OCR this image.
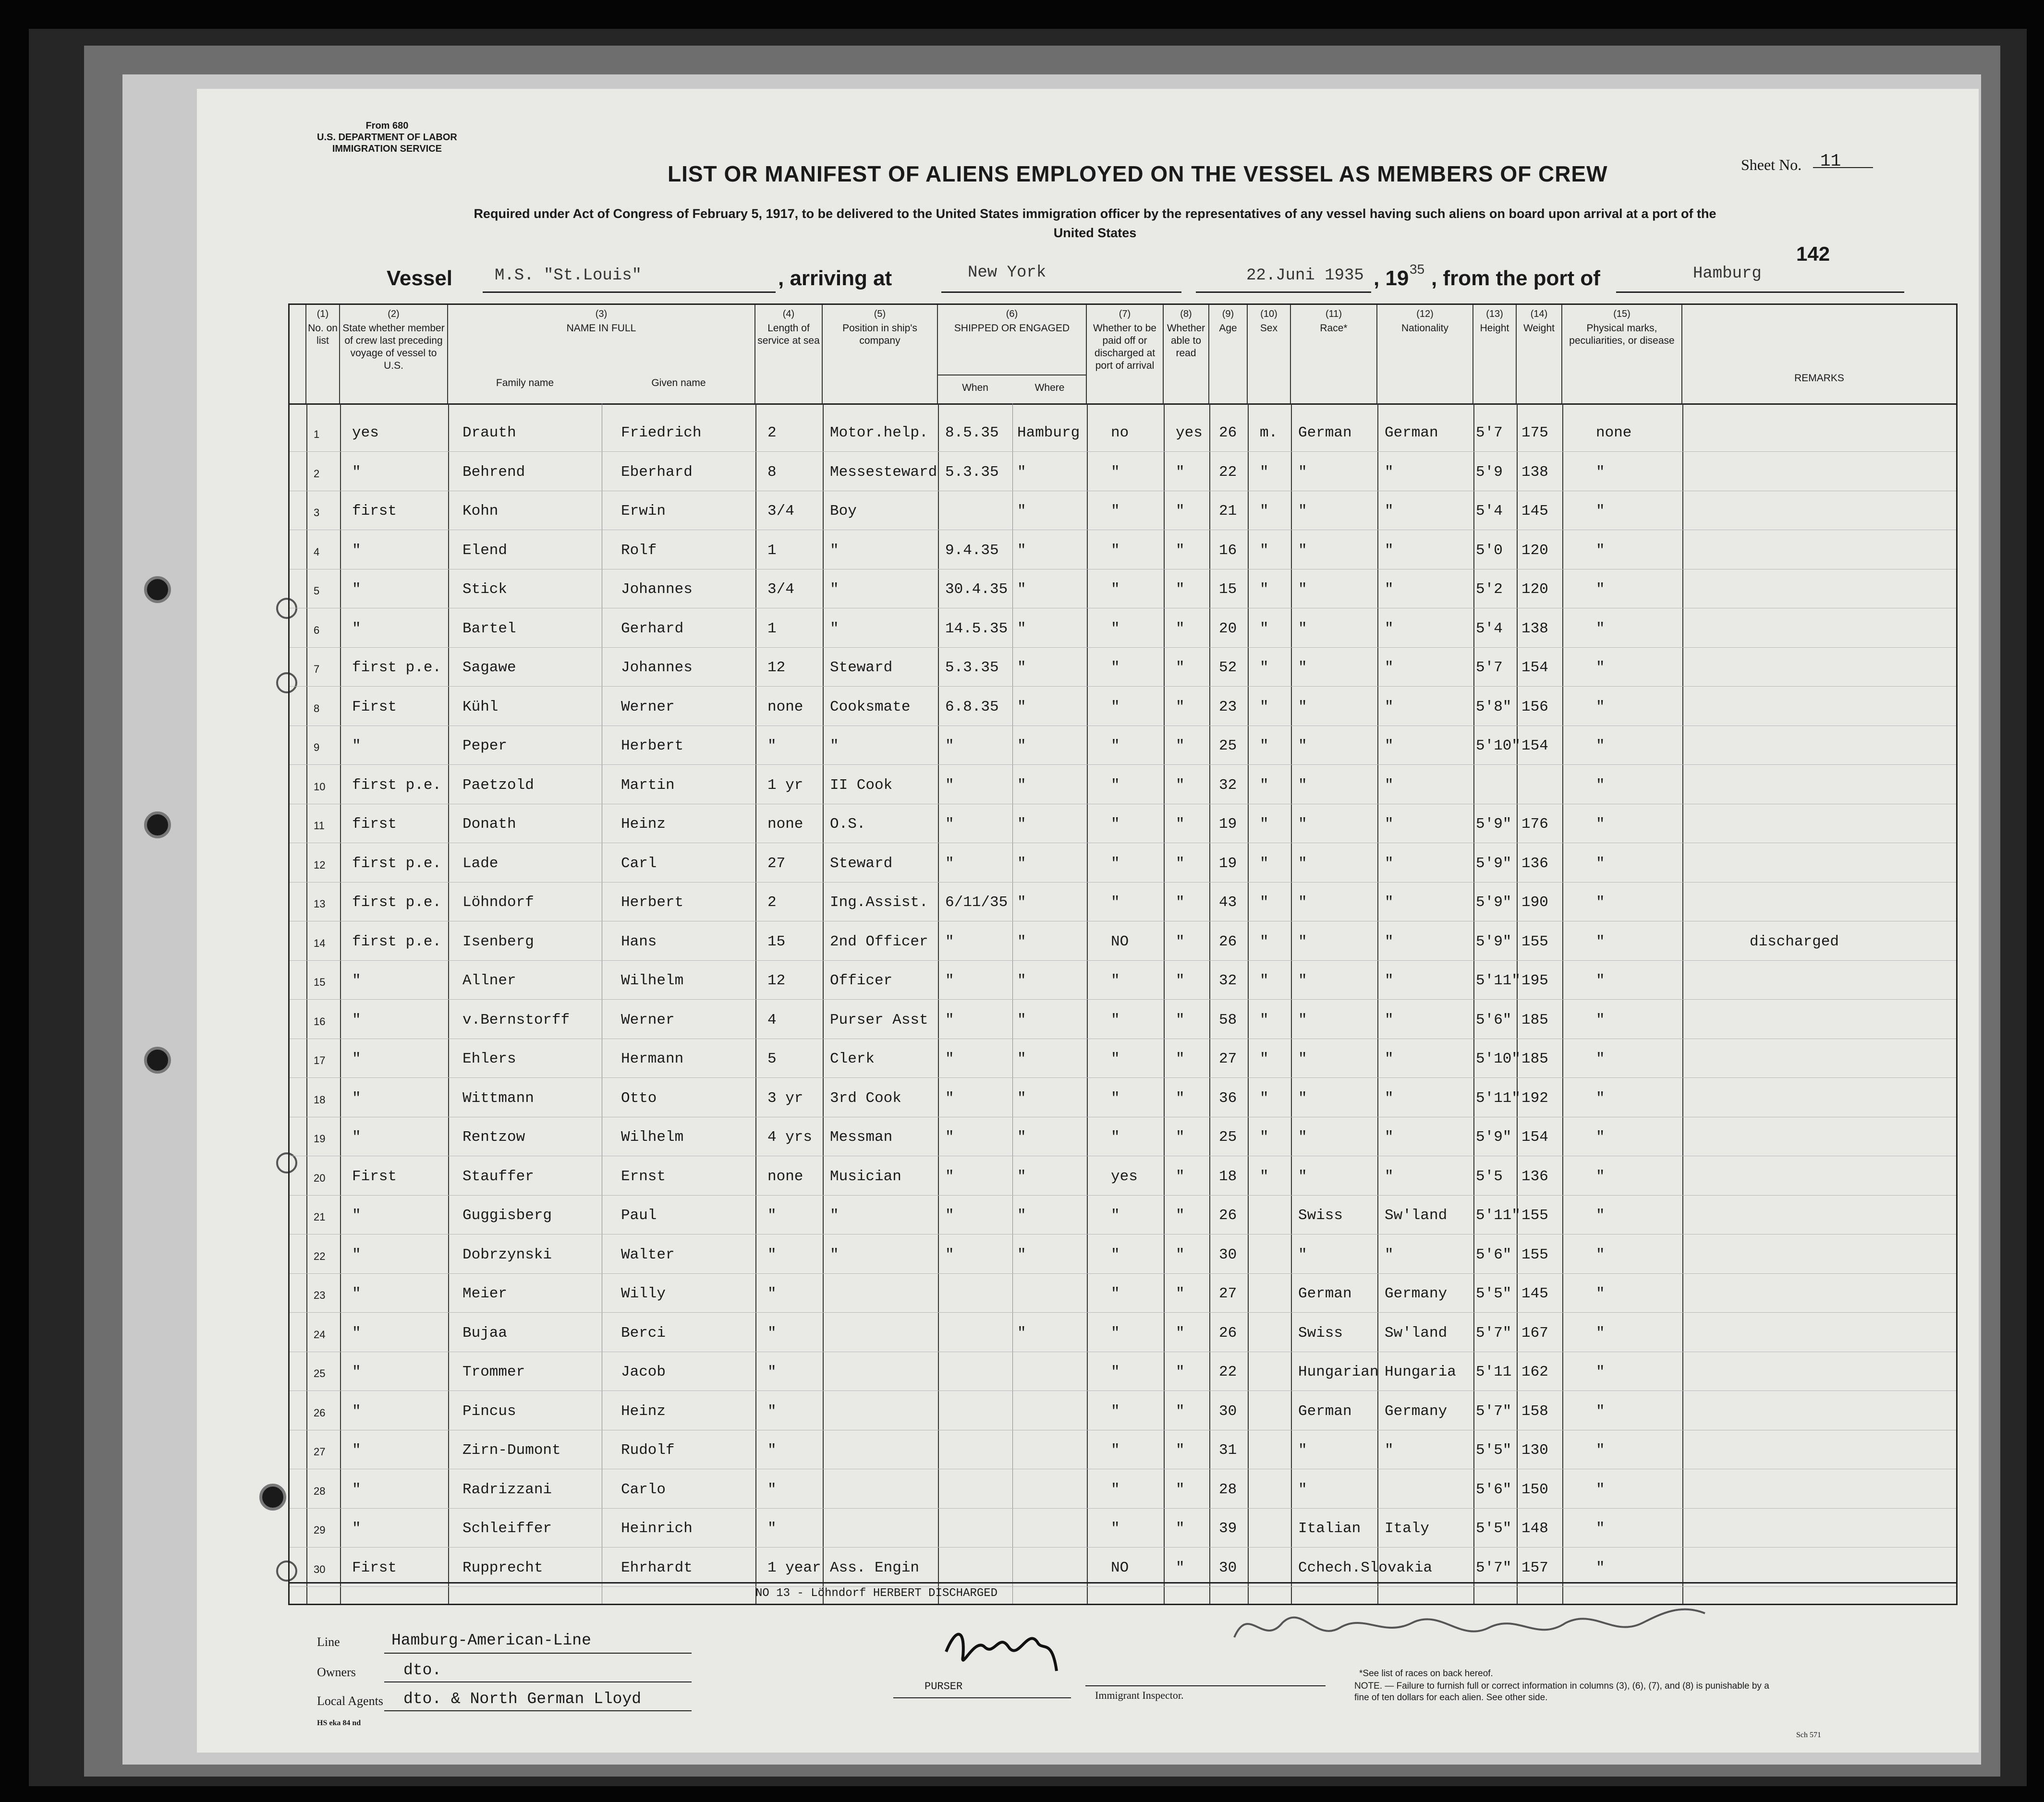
From 680
U.S. DEPARTMENT OF LABOR
IMMIGRATION SERVICE
LIST OR MANIFEST OF ALIENS EMPLOYED ON THE VESSEL AS MEMBERS OF CREW	Sheet No. 11
Required under Act of Congress of February 5, 1917, to be delivered to the United States immigration officer by the representatives of any vessel having such aliens on board upon arrival at a port of the United States
142
Vessel	M.S. "St.Louis"	, arriving at	New York	22.Juni 1935 , 19 35 , from the port of	Hamburg
(1)
No. on list
(2)
State whether member of crew last preceding voyage of vessel to U.S.
(3)
NAME IN FULL
Family name	Given name
(4)
Length of service at sea
(5)
Position in ship's company
(6)
SHIPPED OR ENGAGED
When	Where
(7)
Whether to be paid off or discharged at port of arrival
(8)
Whether able to read
(9)
Age
(10)
Sex
(11)
Race*
(12)
Nationality
(13)
Height
(14)
Weight
(15)
Physical marks, peculiarities, or disease
REMARKS
1 yes	Drauth	Friedrich	2	Motor.help. 8.5.35 Hamburg no	yes 26 m. German German	5'7 175	none
2 "	Behrend	Eberhard	8	Messesteward 5.3.35 "	"	" 22 " "	"	5'9 138	"
3 first	Kohn	Erwin	3/4 Boy	"	"	" 21 " "	"	5'4 145	"
4 "	Elend	Rolf	1	"	9.4.35 "	"	" 16 " "	"	5'0 120	"
5 "	Stick	Johannes	3/4 "	30.4.35 "	"	" 15 " "	"	5'2 120	"
6 "	Bartel	Gerhard	1	"	14.5.35 "	"	" 20 " "	"	5'4 138	"
7 first p.e. Sagawe	Johannes	12	Steward	5.3.35 "	"	" 52 " "	"	5'7 154	"
8 First	Kühl	Werner	none Cooksmate 6.8.35 "	"	" 23 " "	"	5'8" 156	"
9 "	Peper	Herbert	"	"	"	"	"	" 25 " "	"	5'10" 154	"
10 first p.e. Paetzold	Martin	1 yr II Cook	"	"	"	" 32 " "	"	"
11 first	Donath	Heinz	none O.S.	"	"	"	" 19 " "	"	5'9" 176	"
12 first p.e. Lade	Carl	27	Steward	"	"	"	" 19 " "	"	5'9" 136	"
13 first p.e. Löhndorf	Herbert	2	Ing.Assist. 6/11/35 "	"	" 43 " "	"	5'9" 190	"
14 first p.e. Isenberg	Hans	15	2nd Officer "	"	NO	" 26 " "	"	5'9" 155	"	discharged
15 "	Allner	Wilhelm	12	Officer	"	"	"	" 32 " "	"	5'11" 195	"
16 "	v.Bernstorff	Werner	4	Purser Asst "	"	"	" 58 " "	"	5'6" 185	"
17 "	Ehlers	Hermann	5	Clerk	"	"	"	" 27 " "	"	5'10" 185	"
18 "	Wittmann	Otto	3 yr 3rd Cook	"	"	"	" 36 " "	"	5'11" 192	"
19 "	Rentzow	Wilhelm	4 yrs Messman	"	"	"	" 25 " "	"	5'9" 154	"
20 First	Stauffer	Ernst	none Musician	"	"	yes	" 18 " "	"	5'5 136	"
21 "	Guggisberg	Paul	"	"	"	"	"	" 26	Swiss	Sw'land 5'11" 155	"
22 "	Dobrzynski	Walter	"	"	"	"	"	" 30	"	"	5'6" 155	"
23 "	Meier	Willy	"	"	" 27	German Germany 5'5" 145	"
24 "	Bujaa	Berci	"	"	"	" 26	Swiss	Sw'land 5'7" 167	"
25 "	Trommer	Jacob	"	"	" 22	Hungarian Hungaria 5'11 162	"
26 "	Pincus	Heinz	"	"	" 30	German Germany 5'7" 158	"
27 "	Zirn-Dumont	Rudolf	"	"	" 31	"	"	5'5" 130	"
28 "	Radrizzani	Carlo	"	"	" 28	"	5'6" 150	"
29 "	Schleiffer	Heinrich	"	"	" 39	Italian Italy	5'5" 148	"
30 First	Rupprecht	Ehrhardt	1 year Ass. Engin	NO	" 30	Cchech.Slovakia	5'7" 157	"
NO 13 - Löhndorf HERBERT DISCHARGED
Line	Hamburg-American-Line
Owners	dto.
Local Agents dto. & North German Lloyd
PURSER
Immigrant Inspector.
HS eka 84 nd
*See list of races on back hereof.
NOTE. — Failure to furnish full or correct information in columns (3), (6), (7), and (8) is punishable by a fine of ten dollars for each alien. See other side.
Sch 571
